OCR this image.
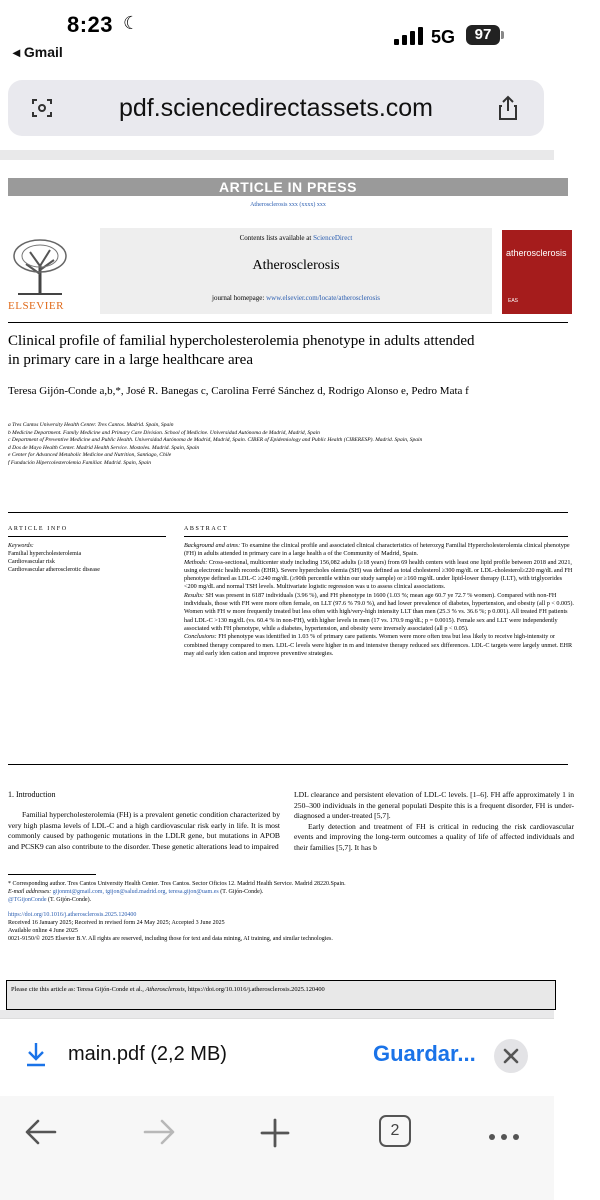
8:23 ☾
5G	97
◂ Gmail
pdf.sciencedirectassets.com
ARTICLE IN PRESS
Atherosclerosis xxx (xxxx) xxx
ELSEVIER
Contents lists available at ScienceDirect
Atherosclerosis
journal homepage: www.elsevier.com/locate/atherosclerosis
atherosclerosis
EAS
Clinical profile of familial hypercholesterolemia phenotype in adults attended in primary care in a large healthcare area
Teresa Gijón-Conde a,b,*, José R. Banegas c, Carolina Ferré Sánchez d, Rodrigo Alonso e, Pedro Mata f
a Tres Cantos University Health Center. Tres Cantos. Madrid. Spain, Spain
b Medicine Department. Family Medicine and Primary Care Division. School of Medicine. Universidad Autónoma de Madrid, Madrid, Spain
c Department of Preventive Medicine and Public Health. Universidad Autónoma de Madrid, Madrid, Spain. CIBER of Epidemiology and Public Health (CIBERESP). Madrid. Spain, Spain
d Dos de Mayo Health Center. Madrid Health Service. Mostoles. Madrid. Spain, Spain
e Center for Advanced Metabolic Medicine and Nutrition, Santiago, Chile
f Fundación Hipercolesterolemia Familiar. Madrid. Spain, Spain
ARTICLE INFO	ABSTRACT
Keywords:
Familial hypercholesterolemia
Cardiovascular risk
Cardiovascular atherosclerotic disease
Background and aims: To examine the clinical profile and associated clinical characteristics of heterozyg Familial Hypercholesterolemia clinical phenotype (FH) in adults attended in primary care in a large health a of the Community of Madrid, Spain.
Methods: Cross-sectional, multicenter study including 156,082 adults (≥18 years) from 69 health centers with least one lipid profile between 2018 and 2021, using electronic health records (EHR). Severe hypercholes olemia (SH) was defined as total cholesterol ≥300 mg/dL or LDL-cholesterol≥220 mg/dL and FH phenotype defined as LDL-C ≥240 mg/dL (≥90th percentile within our study sample) or ≥160 mg/dL under lipid-lower therapy (LLT), with triglycerides <200 mg/dL and normal TSH levels. Multivariate logistic regression was u to assess clinical associations.
Results: SH was present in 6187 individuals (3.96 %), and FH phenotype in 1600 (1.03 %; mean age 60.7 ye 72.7 % women). Compared with non-FH individuals, those with FH were more often female, on LLT (97.6 % 79.0 %), and had lower prevalence of diabetes, hypertension, and obesity (all p < 0.005). Women with FH w more frequently treated but less often with high/very-high intensity LLT than men (25.3 % vs. 36.6 %; p 0.001). All treated FH patients had LDL-C >130 mg/dL (vs. 60.4 % in non-FH), with higher levels in men (17 vs. 170.9 mg/dL; p = 0.0015). Female sex and LLT were independently associated with FH phenotype, while a diabetes, hypertension, and obesity were inversely associated (all p < 0.05).
Conclusions: FH phenotype was identified in 1.03 % of primary care patients. Women were more often trea but less likely to receive high-intensity or combined therapy compared to men. LDL-C levels were higher in m and intensive therapy reduced sex differences. LDL-C targets were largely unmet. EHR may aid early iden cation and improve preventive strategies.
1. Introduction
Familial hypercholesterolemia (FH) is a prevalent genetic condition characterized by very high plasma levels of LDL-C and a high cardiovascular risk early in life. It is most commonly caused by pathogenic mutations in the LDLR gene, but mutations in APOB and PCSK9 can also contribute to the disorder. These genetic alterations lead to impaired
LDL clearance and persistent elevation of LDL-C levels. [1–6]. FH affe approximately 1 in 250–300 individuals in the general populati Despite this is a frequent disorder, FH is under-diagnosed a under-treated [5,7].
Early detection and treatment of FH is critical in reducing the risk cardiovascular events and improving the long-term outcomes a quality of life of affected individuals and their families [5,7]. It has b
* Corresponding author. Tres Cantos University Health Center. Tres Cantos. Sector Oficios 12. Madrid Health Service. Madrid 28220.Spain.
E-mail addresses: gijonmt@gmail.com, tgijon@salud.madrid.org, teresa.gijon@uam.es (T. Gijón-Conde).
@TGijonConde (T. Gijón-Conde).
https://doi.org/10.1016/j.atherosclerosis.2025.120400
Received 16 January 2025; Received in revised form 24 May 2025; Accepted 3 June 2025
Available online 4 June 2025
0021-9150/© 2025 Elsevier B.V. All rights are reserved, including those for text and data mining, AI training, and similar technologies.
Please cite this article as: Teresa Gijón-Conde et al., Atherosclerosis, https://doi.org/10.1016/j.atherosclerosis.2025.120400
main.pdf (2,2 MB)	Guardar...
2
